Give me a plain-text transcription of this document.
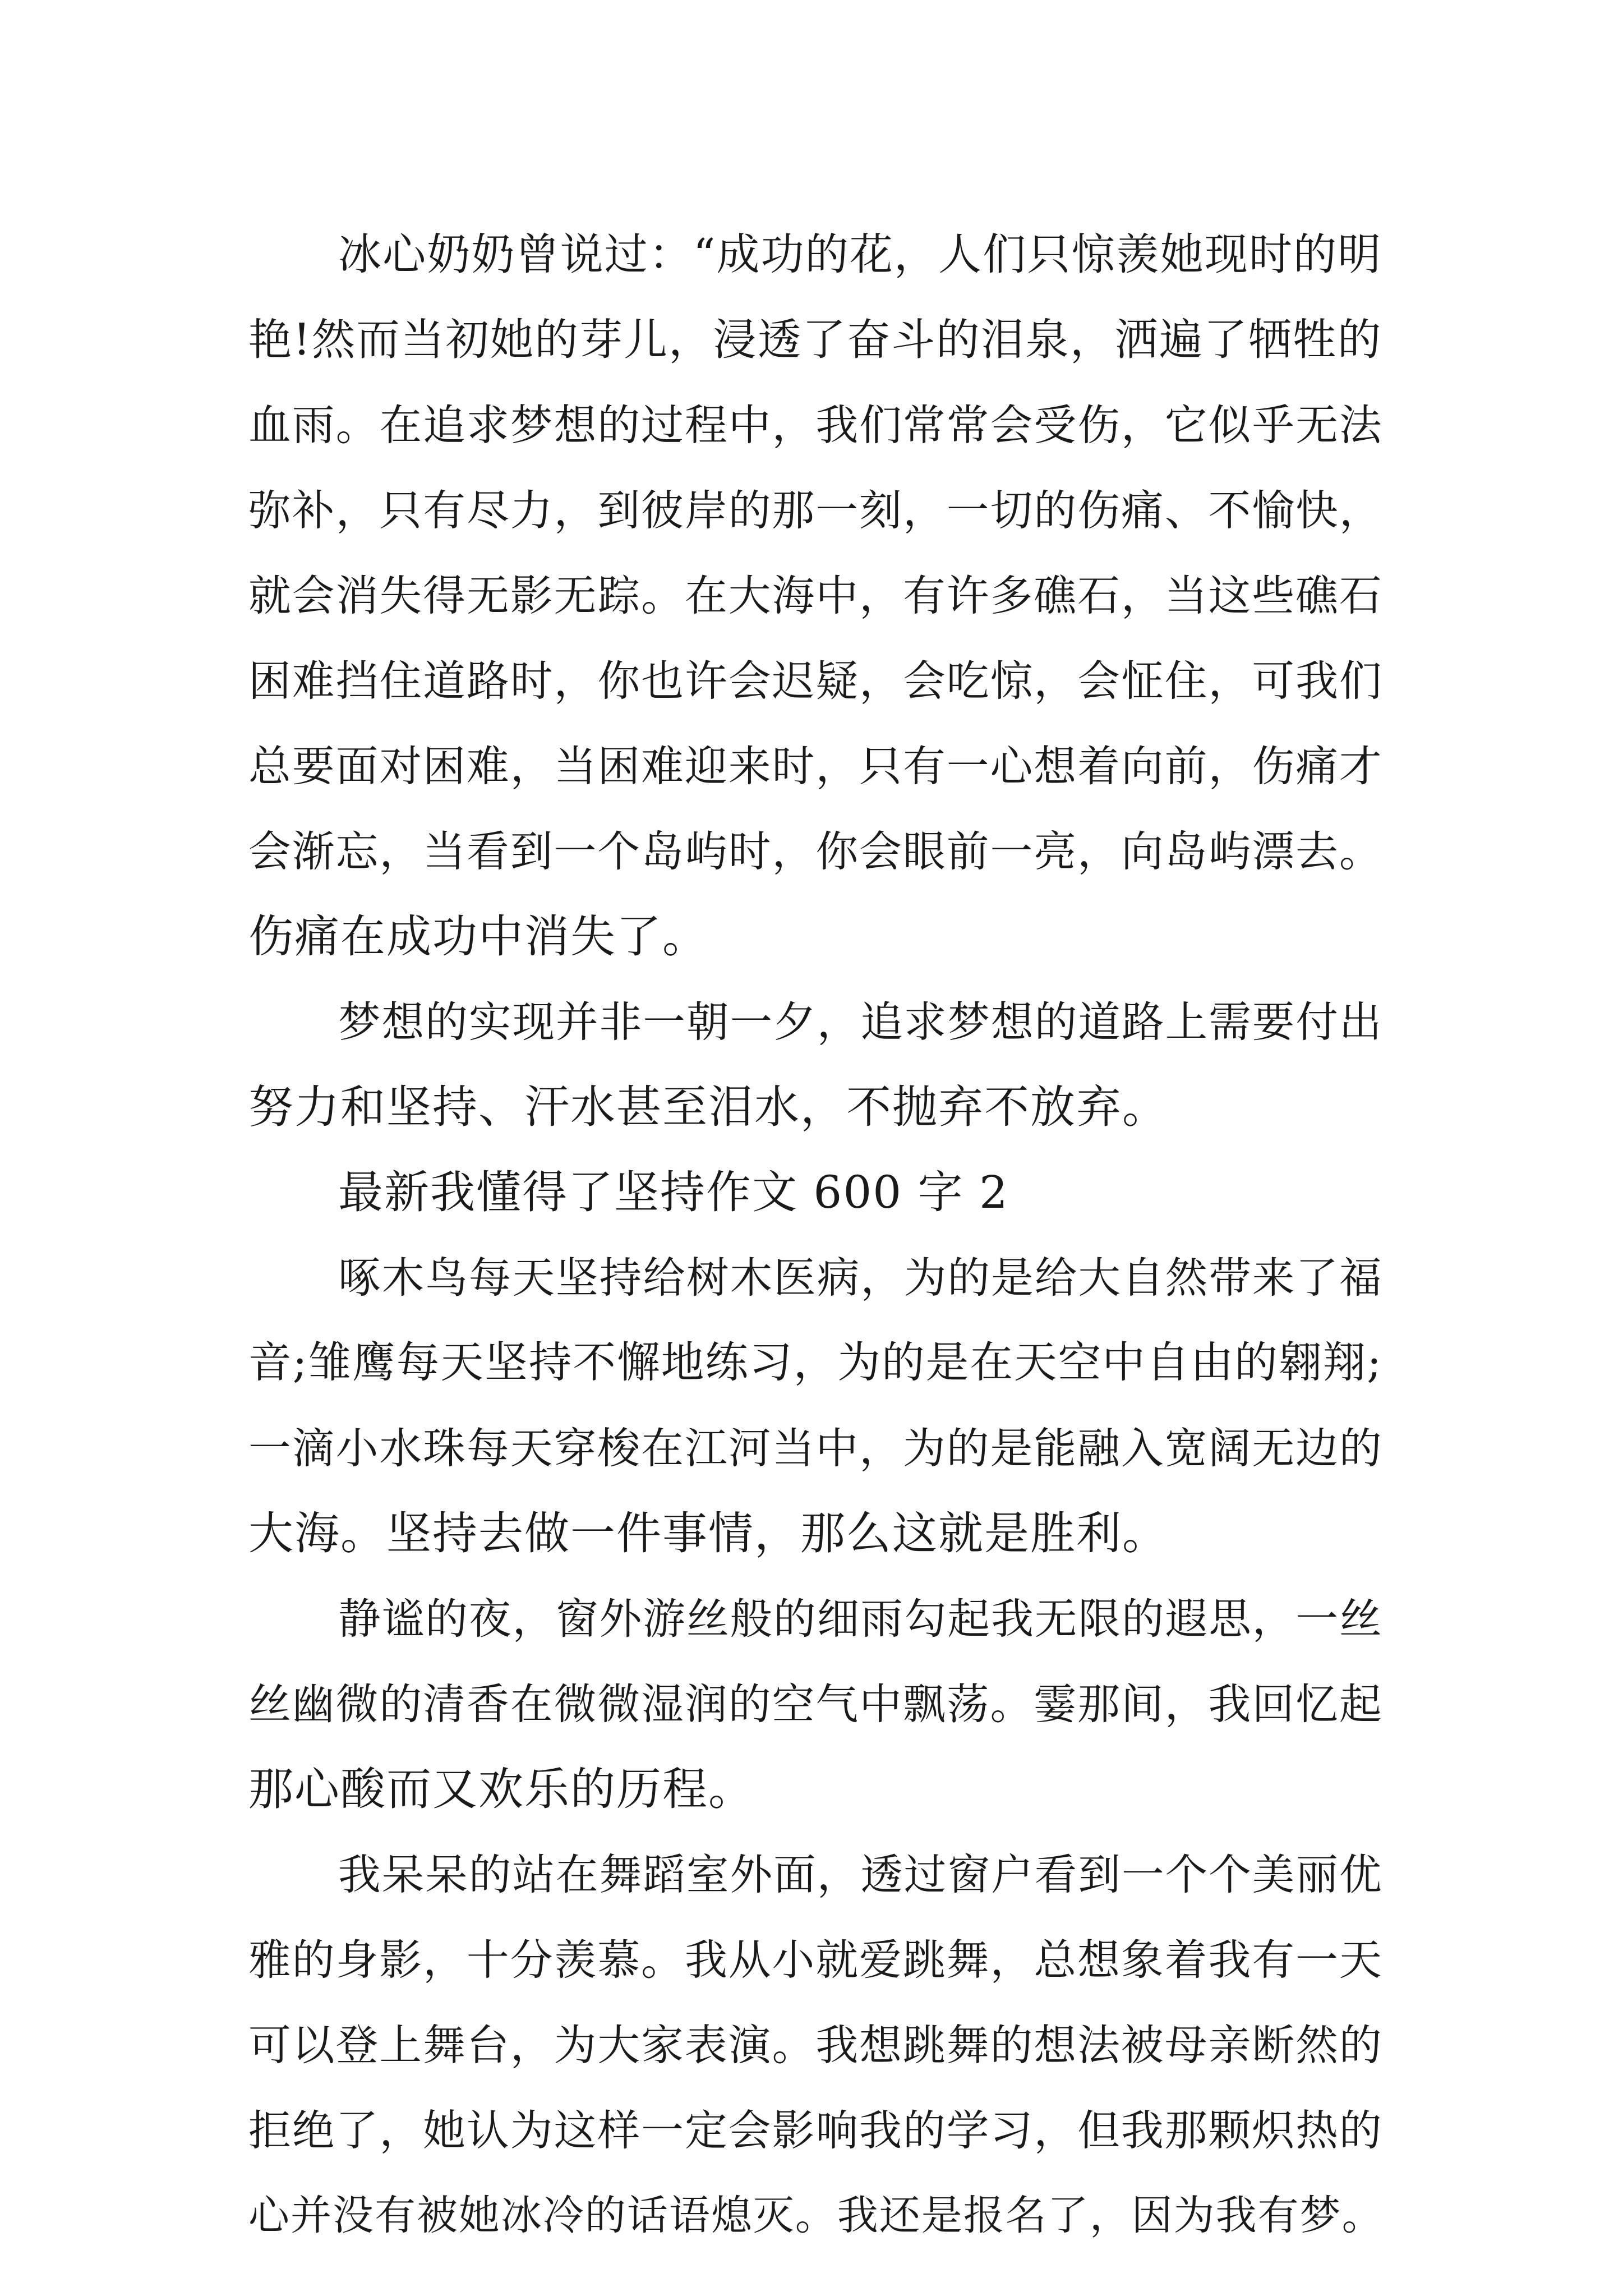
冰心奶奶曾说过：“成功的花，人们只惊羡她现时的明
艳!然而当初她的芽儿，浸透了奋斗的泪泉，洒遍了牺牲的
血雨。在追求梦想的过程中，我们常常会受伤，它似乎无法
弥补，只有尽力，到彼岸的那一刻，一切的伤痛、不愉快，
就会消失得无影无踪。在大海中，有许多礁石，当这些礁石
困难挡住道路时，你也许会迟疑，会吃惊，会怔住，可我们
总要面对困难，当困难迎来时，只有一心想着向前，伤痛才
会渐忘，当看到一个岛屿时，你会眼前一亮，向岛屿漂去。
伤痛在成功中消失了。
梦想的实现并非一朝一夕，追求梦想的道路上需要付出
努力和坚持、汗水甚至泪水，不抛弃不放弃。
最新我懂得了坚持作文 600 字 2
啄木鸟每天坚持给树木医病，为的是给大自然带来了福
音;雏鹰每天坚持不懈地练习，为的是在天空中自由的翱翔;
一滴小水珠每天穿梭在江河当中，为的是能融入宽阔无边的
大海。坚持去做一件事情，那么这就是胜利。
静谧的夜，窗外游丝般的细雨勾起我无限的遐思，一丝
丝幽微的清香在微微湿润的空气中飘荡。霎那间，我回忆起
那心酸而又欢乐的历程。
我呆呆的站在舞蹈室外面，透过窗户看到一个个美丽优
雅的身影，十分羡慕。我从小就爱跳舞，总想象着我有一天
可以登上舞台，为大家表演。我想跳舞的想法被母亲断然的
拒绝了，她认为这样一定会影响我的学习，但我那颗炽热的
心并没有被她冰冷的话语熄灭。我还是报名了，因为我有梦。
